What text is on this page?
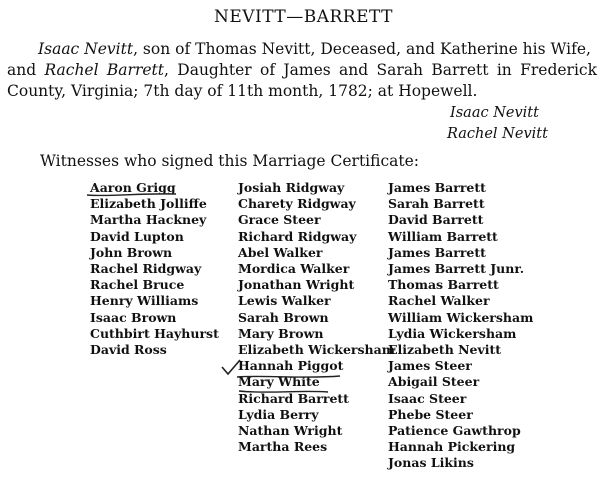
NEVITT—BARRETT
Isaac Nevitt, son of Thomas Nevitt, Deceased, and Katherine his Wife,
and Rachel Barrett, Daughter of James and Sarah Barrett in Frederick County, Virginia; 7th day of 11th month, 1782; at Hopewell.
Isaac Nevitt
Rachel Nevitt
Witnesses who signed this Marriage Certificate:
Aaron Grigg
Elizabeth Jolliffe
Martha Hackney
David Lupton
John Brown
Rachel Ridgway
Rachel Bruce
Henry Williams
Isaac Brown
Cuthbirt Hayhurst
David Ross
Josiah Ridgway
Charety Ridgway
Grace Steer
Richard Ridgway
Abel Walker
Mordica Walker
Jonathan Wright
Lewis Walker
Sarah Brown
Mary Brown
Elizabeth Wickersham
Hannah Piggot
Mary White
Richard Barrett
Lydia Berry
Nathan Wright
Martha Rees
James Barrett
Sarah Barrett
David Barrett
William Barrett
James Barrett
James Barrett Junr.
Thomas Barrett
Rachel Walker
William Wickersham
Lydia Wickersham
Elizabeth Nevitt
James Steer
Abigail Steer
Isaac Steer
Phebe Steer
Patience Gawthrop
Hannah Pickering
Jonas Likins
